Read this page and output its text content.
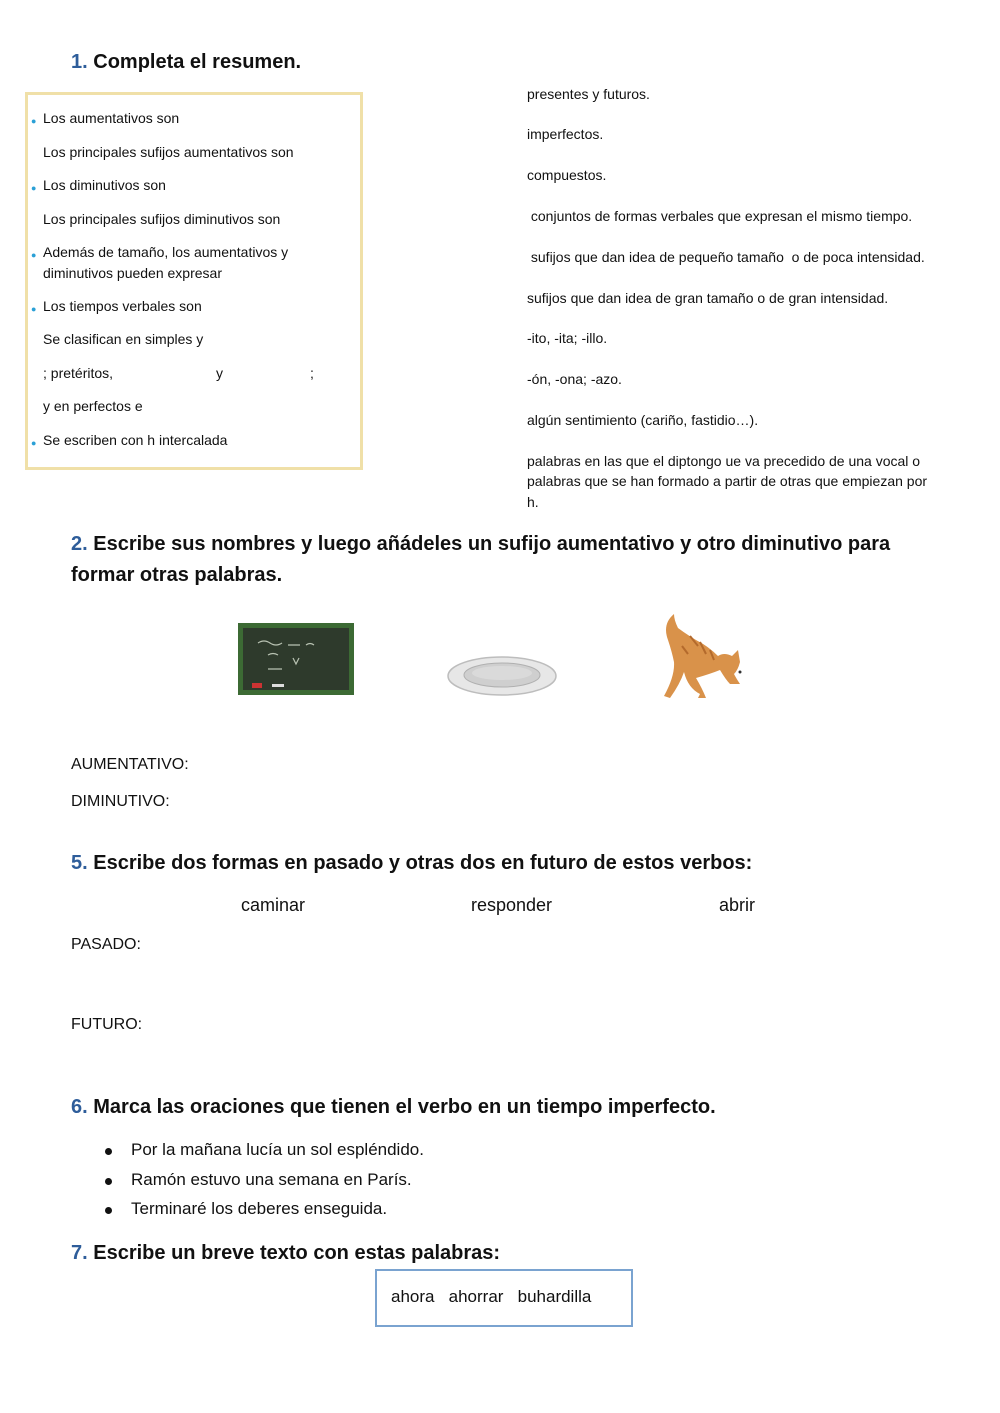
1. Completa el resumen.
● Los aumentativos son
Los principales sufijos aumentativos son
● Los diminutivos son
Los principales sufijos diminutivos son
● Además de tamaño, los aumentativos y
diminutivos pueden expresar
● Los tiempos verbales son
Se clasifican en simples y
; pretéritos,	y	;
y en perfectos e
● Se escriben con h intercalada
presentes y futuros.
imperfectos.
compuestos.
conjuntos de formas verbales que expresan el mismo tiempo.
sufijos que dan idea de pequeño tamaño  o de poca intensidad.
sufijos que dan idea de gran tamaño o de gran intensidad.
-ito, -ita; -illo.
-ón, -ona; -azo.
algún sentimiento (cariño, fastidio…).
palabras en las que el diptongo ue va precedido de una vocal o
palabras que se han formado a partir de otras que empiezan por
h.
2. Escribe sus nombres y luego añádeles un sufijo aumentativo y otro diminutivo para
formar otras palabras.
AUMENTATIVO:
DIMINUTIVO:
5. Escribe dos formas en pasado y otras dos en futuro de estos verbos:
caminar	responder	abrir
PASADO:
FUTURO:
6. Marca las oraciones que tienen el verbo en un tiempo imperfecto.
Por la mañana lucía un sol espléndido.
Ramón estuvo una semana en París.
Terminaré los deberes enseguida.
7. Escribe un breve texto con estas palabras:
ahora   ahorrar   buhardilla
